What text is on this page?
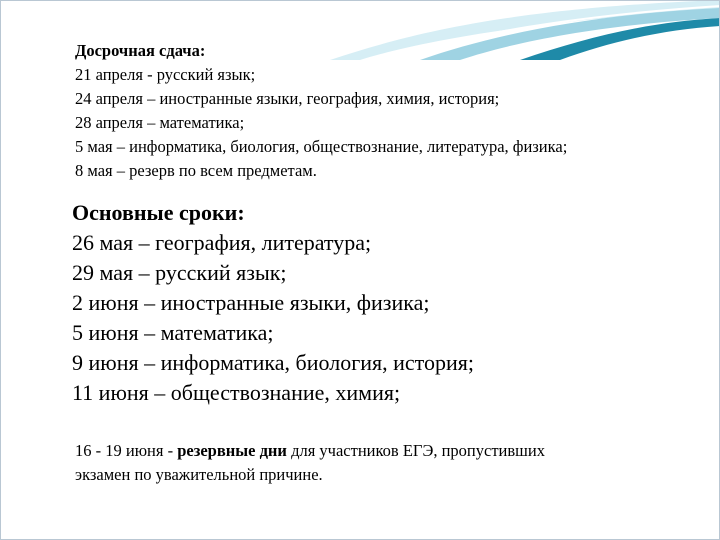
Досрочная сдача:
21 апреля - русский язык;
24 апреля – иностранные языки, география, химия, история;
28 апреля – математика;
5 мая – информатика, биология, обществознание, литература, физика;
8 мая – резерв по всем предметам.
Основные сроки:
26 мая – география, литература;
29 мая – русский язык;
2 июня – иностранные языки, физика;
5 июня – математика;
9 июня – информатика, биология, история;
11 июня – обществознание, химия;
16 - 19 июня - резервные дни для участников ЕГЭ, пропустивших
экзамен по уважительной причине.
